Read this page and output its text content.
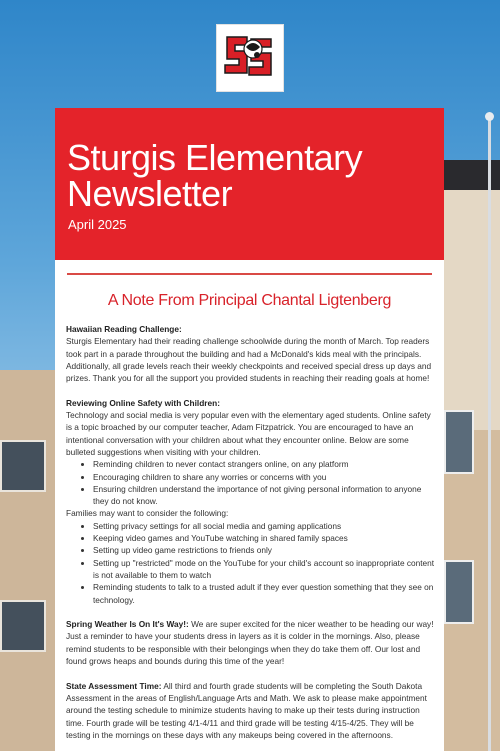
Sturgis Elementary Newsletter
April 2025
A Note From Principal Chantal Ligtenberg

Hawaiian Reading Challenge:
Sturgis Elementary had their reading challenge schoolwide during the month of March. Top readers took part in a parade throughout the building and had a McDonald's kids meal with the principals. Additionally, all grade levels reach their weekly checkpoints and received special dress up days and prizes. Thank you for all the support you provided students in reaching their reading goals at home!

Reviewing Online Safety with Children:
Technology and social media is very popular even with the elementary aged students. Online safety is a topic broached by our computer teacher, Adam Fitzpatrick. You are encouraged to have an intentional conversation with your children about what they encounter online. Below are some bulleted suggestions when visiting with your children.
• Reminding children to never contact strangers online, on any platform
• Encouraging children to share any worries or concerns with you
• Ensuring children understand the importance of not giving personal information to anyone they do not know.
Families may want to consider the following:
• Setting privacy settings for all social media and gaming applications
• Keeping video games and YouTube watching in shared family spaces
• Setting up video game restrictions to friends only
• Setting up "restricted" mode on the YouTube for your child's account so inappropriate content is not available to them to watch
• Reminding students to talk to a trusted adult if they ever question something that they see on technology.

Spring Weather Is On It's Way!: We are super excited for the nicer weather to be heading our way! Just a reminder to have your students dress in layers as it is colder in the mornings. Also, please remind students to be responsible with their belongings when they do take them off. Our lost and found grows heaps and bounds during this time of the year!

State Assessment Time: All third and fourth grade students will be completing the South Dakota Assessment in the areas of English/Language Arts and Math. We ask to please make appointment around the testing schedule to minimize students having to make up their tests during instruction time. Fourth grade will be testing 4/1-4/11 and third grade will be testing 4/15-4/25. They will be testing in the mornings on these days with any makeups being covered in the afternoons.
